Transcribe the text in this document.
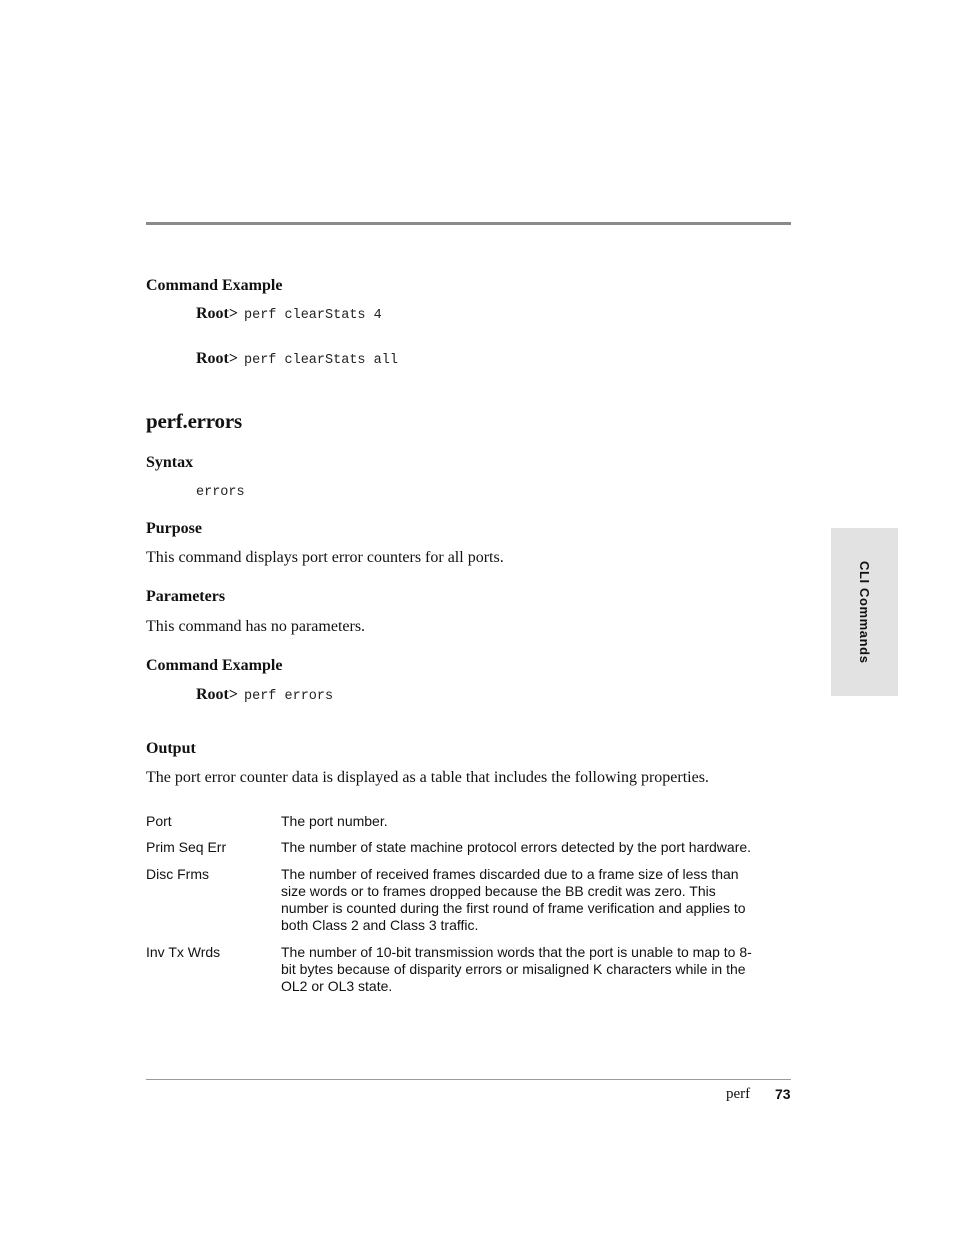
CLI Commands
Command Example
Root> perf clearStats 4
Root> perf clearStats all
perf.errors
Syntax
errors
Purpose
This command displays port error counters for all ports.
Parameters
This command has no parameters.
Command Example
Root> perf errors
Output
The port error counter data is displayed as a table that includes the following properties.
Port	The port number.
Prim Seq Err	The number of state machine protocol errors detected by the port hardware.
Disc Frms	The number of received frames discarded due to a frame size of less than size words or to frames dropped because the BB credit was zero. This number is counted during the first round of frame verification and applies to both Class 2 and Class 3 traffic.
Inv Tx Wrds	The number of 10-bit transmission words that the port is unable to map to 8-bit bytes because of disparity errors or misaligned K characters while in the OL2 or OL3 state.
perf 73
